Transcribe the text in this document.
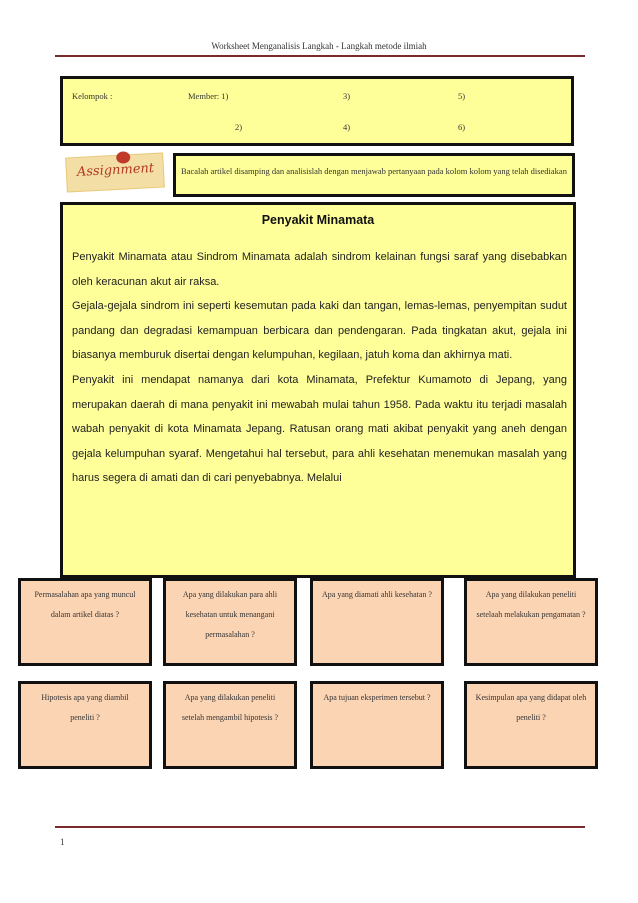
Worksheet Menganalisis Langkah - Langkah metode ilmiah
Kelompok :	Member: 1)
2)
3)
4)
5)
6)
Assignment	Bacalah artikel disamping dan analisislah dengan menjawab pertanyaan pada kolom kolom yang telah disediakan
Penyakit Minamata

Penyakit Minamata atau Sindrom Minamata adalah sindrom kelainan fungsi saraf yang disebabkan oleh keracunan akut air raksa.

Gejala-gejala sindrom ini seperti kesemutan pada kaki dan tangan, lemas-lemas, penyempitan sudut pandang dan degradasi kemampuan berbicara dan pendengaran. Pada tingkatan akut, gejala ini biasanya memburuk disertai dengan kelumpuhan, kegilaan, jatuh koma dan akhirnya mati.

Penyakit ini mendapat namanya dari kota Minamata, Prefektur Kumamoto di Jepang, yang merupakan daerah di mana penyakit ini mewabah mulai tahun 1958. Pada waktu itu terjadi masalah wabah penyakit di kota Minamata Jepang. Ratusan orang mati akibat penyakit yang aneh dengan gejala kelumpuhan syaraf. Mengetahui hal tersebut, para ahli kesehatan menemukan masalah yang harus segera di amati dan di cari penyebabnya. Melalui

Permasalahan apa yang muncul dalam artikel diatas ?
Apa yang dilakukan para ahli kesehatan untuk menangani permasalahan ?
Apa yang diamati ahli kesehatan ?	Apa yang dilakukan peneliti setelaah melakukan pengamatan ?
Hipotesis apa yang diambil peneliti ?
Apa yang dilakukan peneliti setelah mengambil hipotesis ?
Apa tujuan eksperimen tersebut ?	Kesimpulan apa yang didapat oleh peneliti ?
1
